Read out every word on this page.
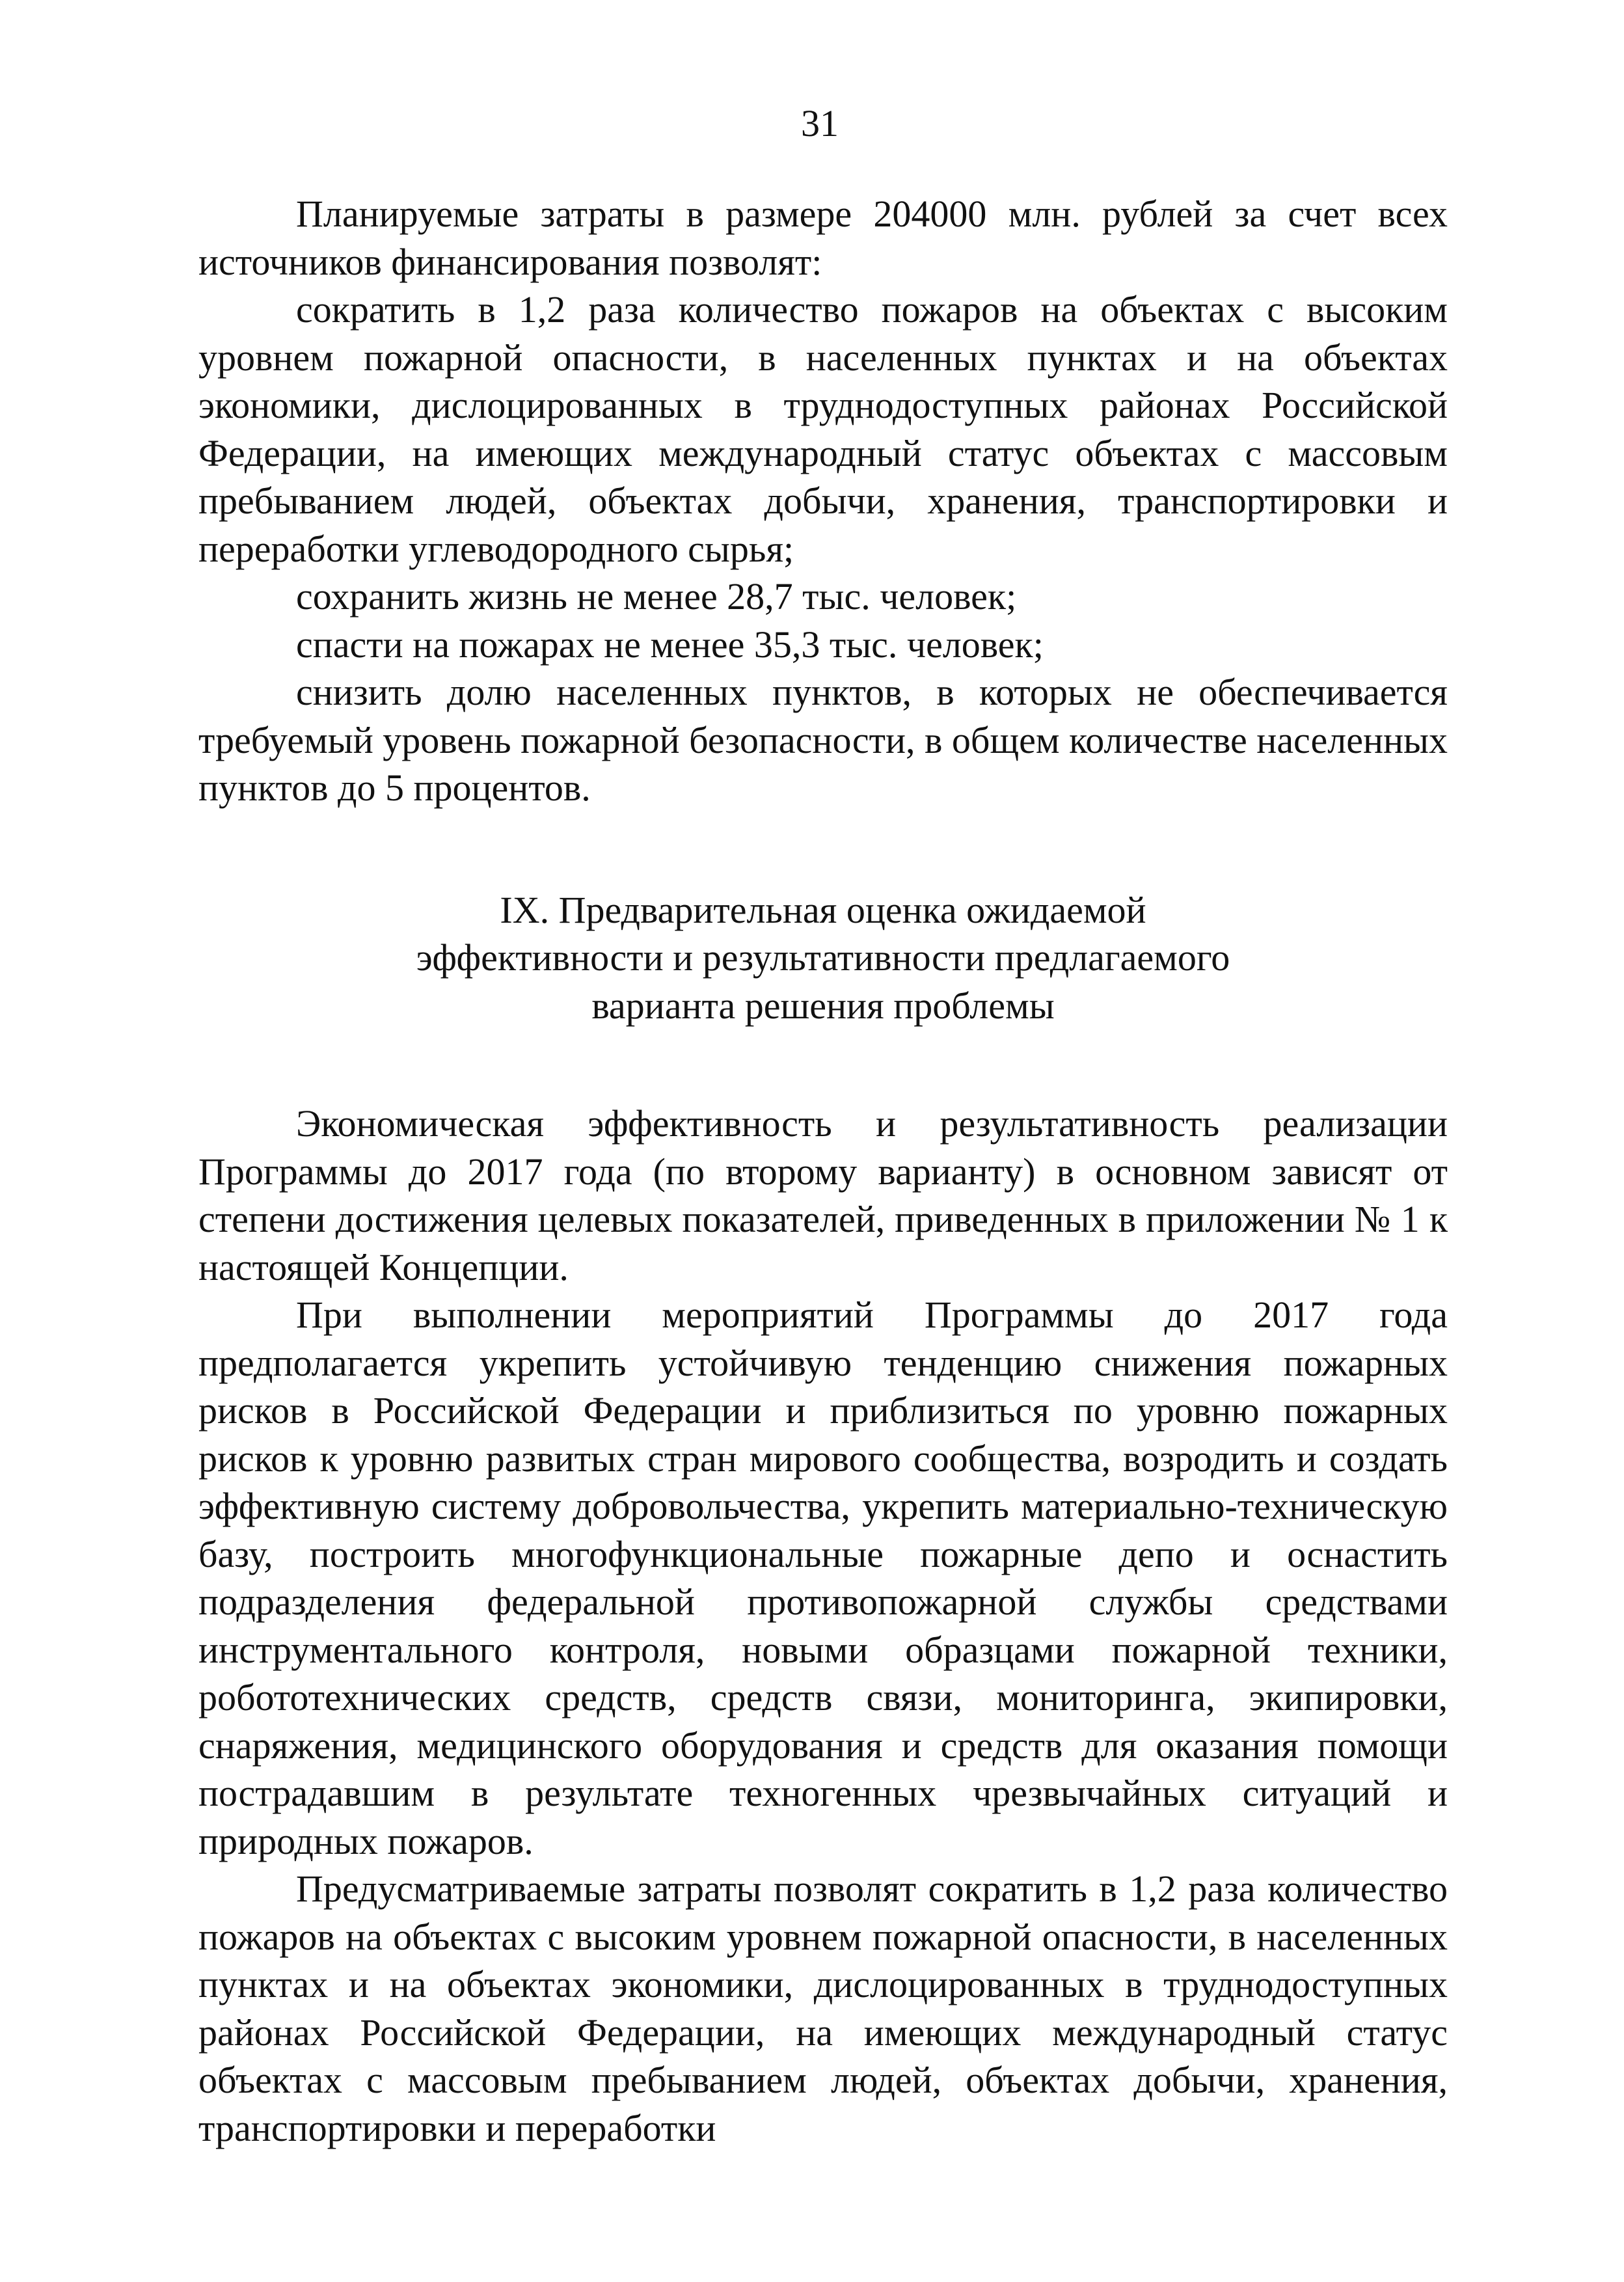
31

Планируемые затраты в размере 204000 млн. рублей за счет всех источников финансирования позволят:

сократить в 1,2 раза количество пожаров на объектах с высоким уровнем пожарной опасности, в населенных пунктах и на объектах экономики, дислоцированных в труднодоступных районах Российской Федерации, на имеющих международный статус объектах с массовым пребыванием людей, объектах добычи, хранения, транспортировки и переработки углеводородного сырья;

сохранить жизнь не менее 28,7 тыс. человек;

спасти на пожарах не менее 35,3 тыс. человек;

снизить долю населенных пунктов, в которых не обеспечивается требуемый уровень пожарной безопасности, в общем количестве населенных пунктов до 5 процентов.

IX. Предварительная оценка ожидаемой
эффективности и результативности предлагаемого
варианта решения проблемы

Экономическая эффективность и результативность реализации Программы до 2017 года (по второму варианту) в основном зависят от степени достижения целевых показателей, приведенных в приложении № 1 к настоящей Концепции.

При выполнении мероприятий Программы до 2017 года предполагается укрепить устойчивую тенденцию снижения пожарных рисков в Российской Федерации и приблизиться по уровню пожарных рисков к уровню развитых стран мирового сообщества, возродить и создать эффективную систему добровольчества, укрепить материально-техническую базу, построить многофункциональные пожарные депо и оснастить подразделения федеральной противопожарной службы средствами инструментального контроля, новыми образцами пожарной техники, робототехнических средств, средств связи, мониторинга, экипировки, снаряжения, медицинского оборудования и средств для оказания помощи пострадавшим в результате техногенных чрезвычайных ситуаций и природных пожаров.

Предусматриваемые затраты позволят сократить в 1,2 раза количество пожаров на объектах с высоким уровнем пожарной опасности, в населенных пунктах и на объектах экономики, дислоцированных в труднодоступных районах Российской Федерации, на имеющих международный статус объектах с массовым пребыванием людей, объектах добычи, хранения, транспортировки и переработки
